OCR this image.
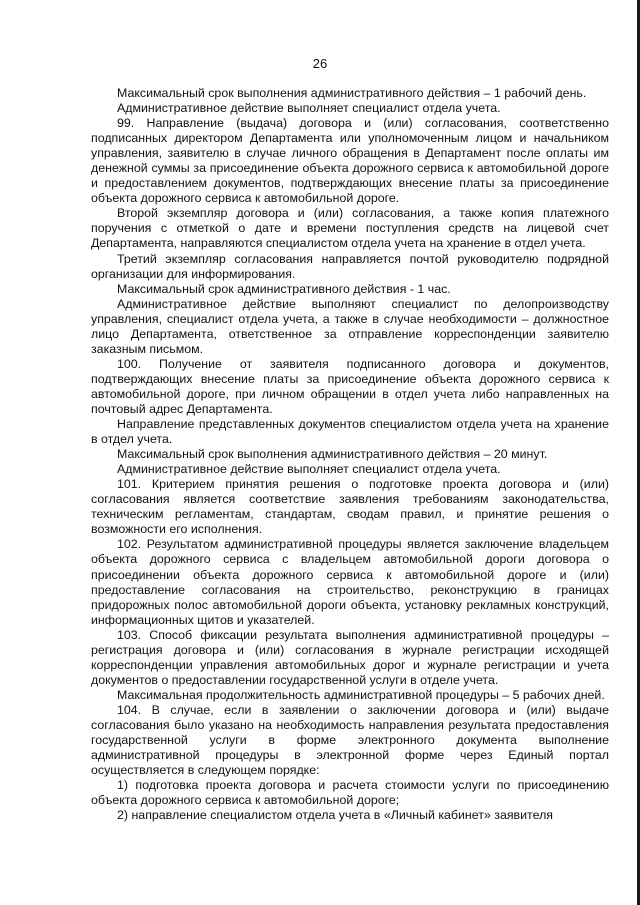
26

Максимальный срок выполнения административного действия – 1 рабочий день.

Административное действие выполняет специалист отдела учета.

99. Направление (выдача) договора и (или) согласования, соответственно подписанных директором Департамента или уполномоченным лицом и начальником управления, заявителю в случае личного обращения в Департамент после оплаты им денежной суммы за присоединение объекта дорожного сервиса к автомобильной дороге и предоставлением документов, подтверждающих внесение платы за присоединение объекта дорожного сервиса к автомобильной дороге.

Второй экземпляр договора и (или) согласования, а также копия платежного поручения с отметкой о дате и времени поступления средств на лицевой счет Департамента, направляются специалистом отдела учета на хранение в отдел учета.

Третий экземпляр согласования направляется почтой руководителю подрядной организации для информирования.

Максимальный срок административного действия - 1 час.

Административное действие выполняют специалист по делопроизводству управления, специалист отдела учета, а также в случае необходимости – должностное лицо Департамента, ответственное за отправление корреспонденции заявителю заказным письмом.

100. Получение от заявителя подписанного договора и документов, подтверждающих внесение платы за присоединение объекта дорожного сервиса к автомобильной дороге, при личном обращении в отдел учета либо направленных на почтовый адрес Департамента.

Направление представленных документов специалистом отдела учета на хранение в отдел учета.

Максимальный срок выполнения административного действия – 20 минут.

Административное действие выполняет специалист отдела учета.

101. Критерием принятия решения о подготовке проекта договора и (или) согласования является соответствие заявления требованиям законодательства, техническим регламентам, стандартам, сводам правил, и принятие решения о возможности его исполнения.

102. Результатом административной процедуры является заключение владельцем объекта дорожного сервиса с владельцем автомобильной дороги договора о присоединении объекта дорожного сервиса к автомобильной дороге и (или) предоставление согласования на строительство, реконструкцию в границах придорожных полос автомобильной дороги объекта, установку рекламных конструкций, информационных щитов и указателей.

103. Способ фиксации результата выполнения административной процедуры – регистрация договора и (или) согласования в журнале регистрации исходящей корреспонденции управления автомобильных дорог и журнале регистрации и учета документов о предоставлении государственной услуги в отделе учета.

Максимальная продолжительность административной процедуры – 5 рабочих дней.

104. В случае, если в заявлении о заключении договора и (или) выдаче согласования было указано на необходимость направления результата предоставления государственной услуги в форме электронного документа выполнение административной процедуры в электронной форме через Единый портал осуществляется в следующем порядке:

1) подготовка проекта договора и расчета стоимости услуги по присоединению объекта дорожного сервиса к автомобильной дороге;

2) направление специалистом отдела учета в «Личный кабинет» заявителя
